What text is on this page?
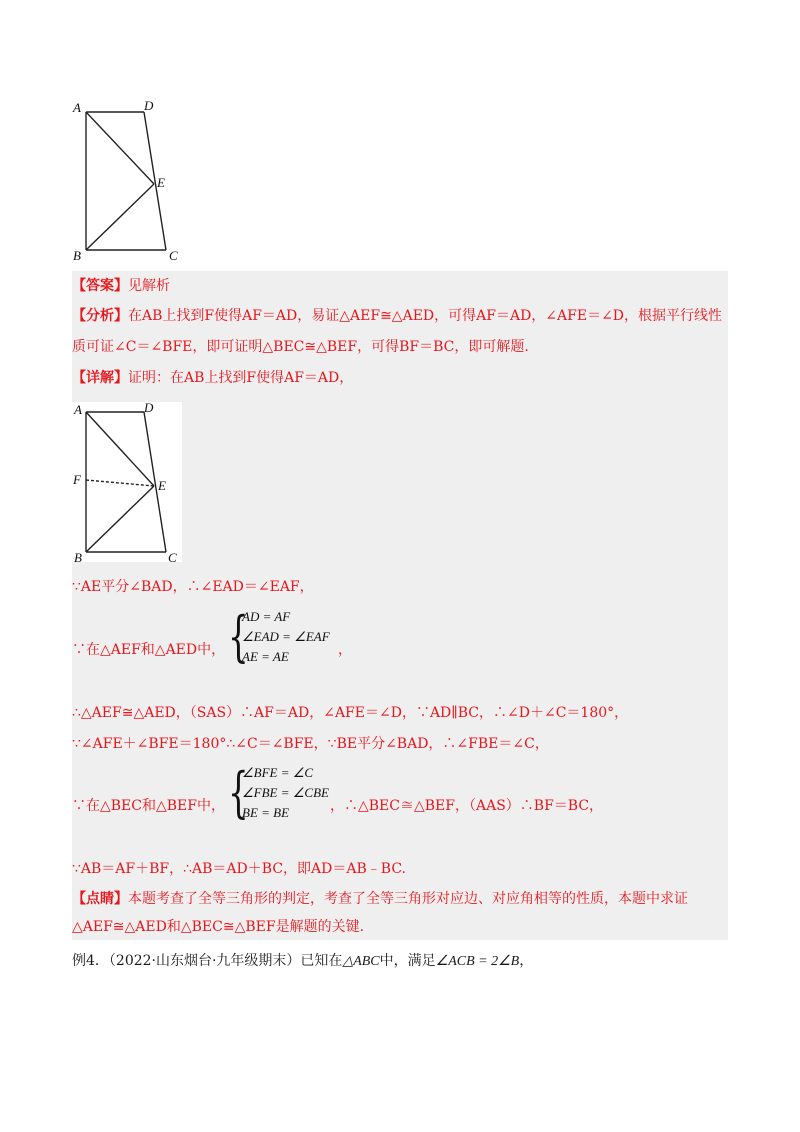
A	D
E
B	C
【答案】见解析
【分析】在AB上找到F使得AF＝AD，易证△AEF≅△AED，可得AF＝AD，∠AFE＝∠D，根据平行线性
质可证∠C＝∠BFE，即可证明△BEC≅△BEF，可得BF＝BC，即可解题.
【详解】证明：在AB上找到F使得AF＝AD，
A	D
F	E
B	C
∵AE平分∠BAD，∴∠EAD＝∠EAF，
∵在△AEF和△AED中， {
AD = AF
∠EAD = ∠EAF
AE = AE	，
∴△AEF≅△AED，（SAS）∴AF＝AD，∠AFE＝∠D，∵AD∥BC，∴∠D＋∠C＝180°，
∵∠AFE＋∠BFE＝180°∴∠C＝∠BFE，∵BE平分∠BAD，∴∠FBE＝∠C，
∵在△BEC和△BEF中， {
∠BFE = ∠C
∠FBE = ∠CBE
BE = BE	，∴△BEC≅△BEF，（AAS）∴BF＝BC，
∵AB＝AF＋BF，∴AB＝AD＋BC，即AD＝AB﹣BC.
【点睛】本题考查了全等三角形的判定，考查了全等三角形对应边、对应角相等的性质，本题中求证
△AEF≅△AED和△BEC≅△BEF是解题的关键.
例4．（2022·山东烟台·九年级期末）已知在△ABC中，满足∠ACB = 2∠B，
